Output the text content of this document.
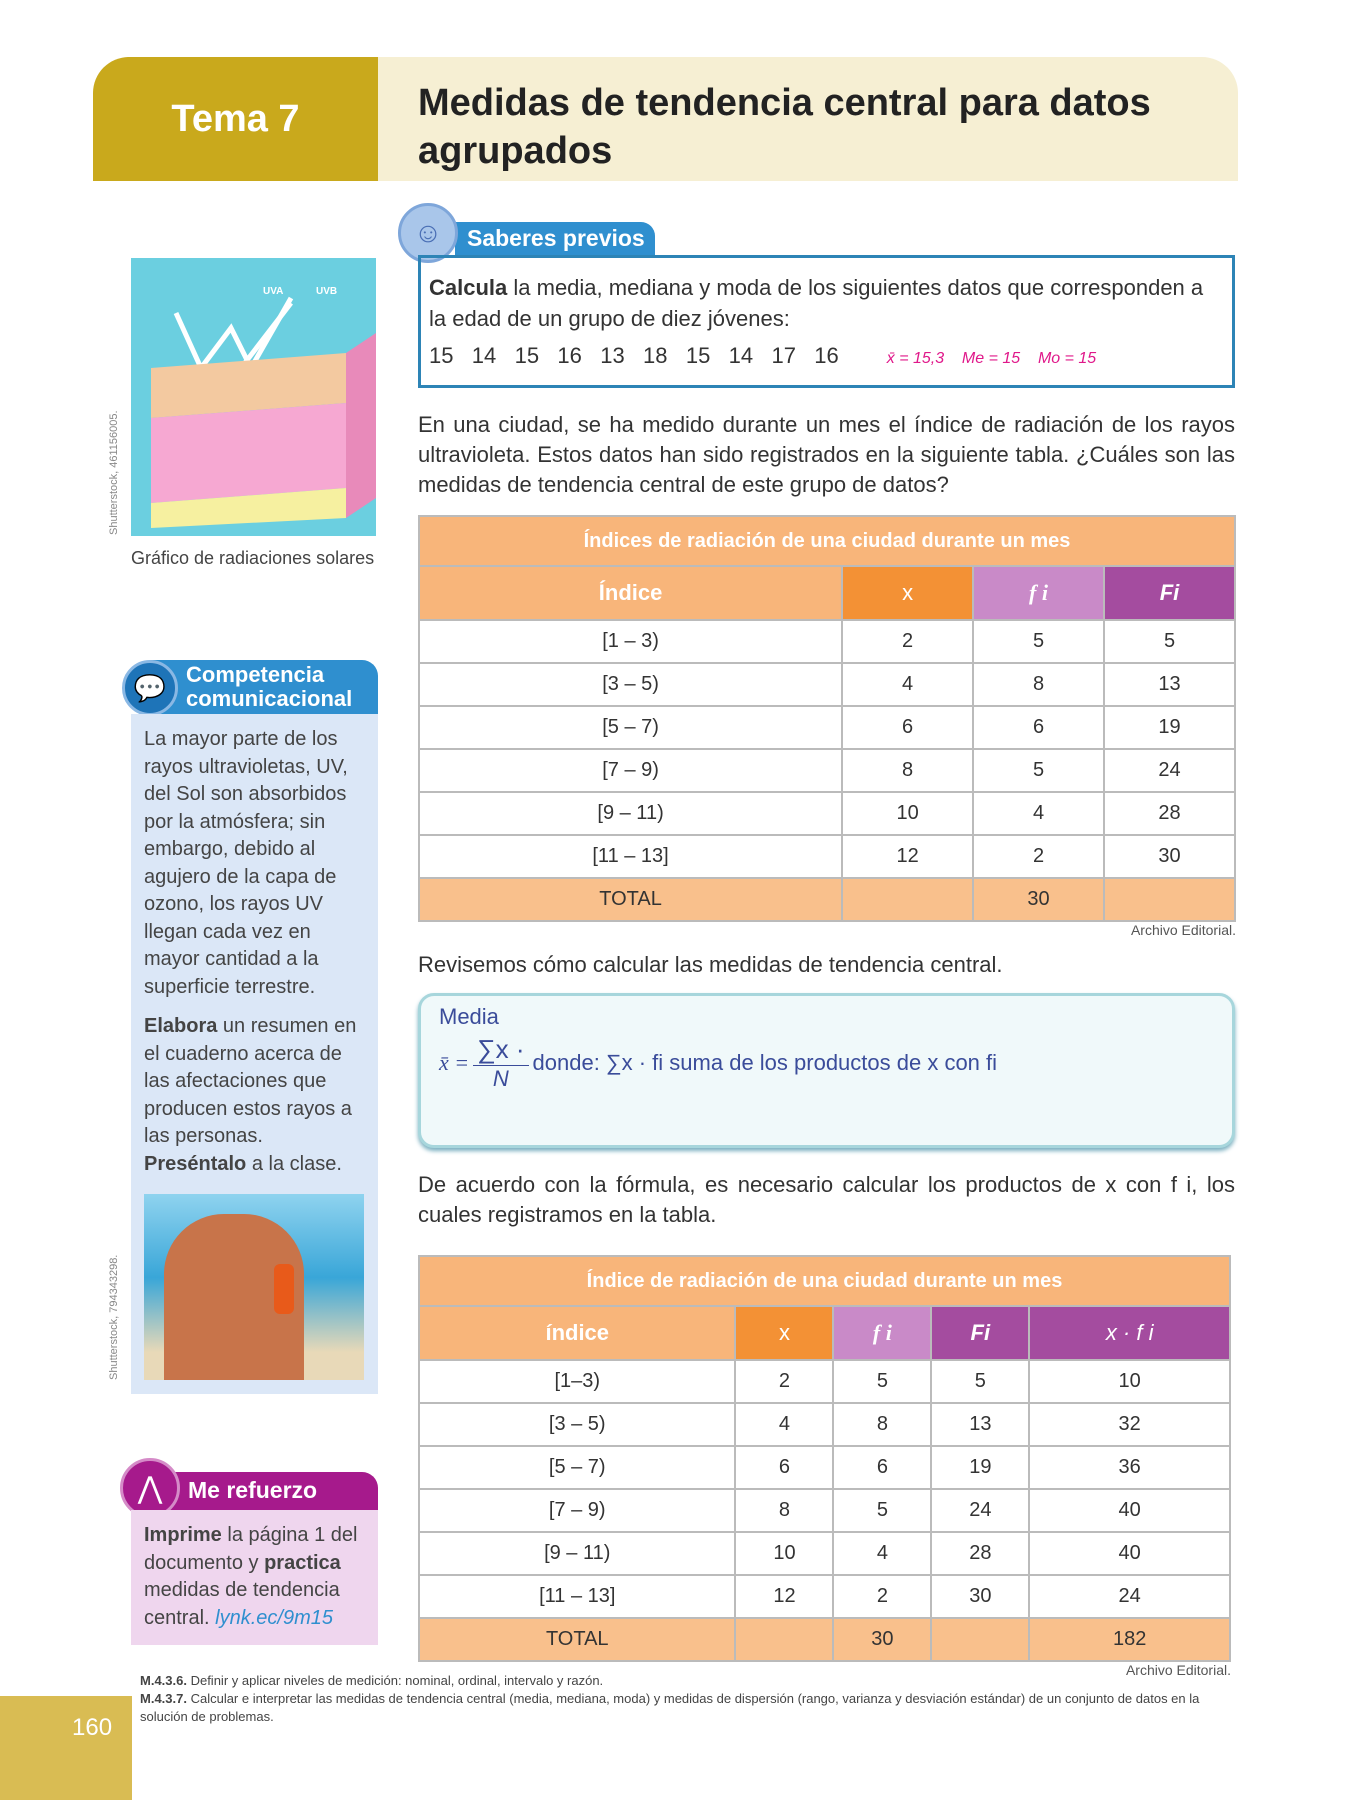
Tema 7	Medidas de tendencia central para datos agrupados
Saberes previos
☺
Calcula la media, mediana y moda de los siguientes datos que corresponden a la edad de un grupo de diez jóvenes:
15   14   15   16   13   18   15   14   17   16	x̄ = 15,3    Me = 15    Mo = 15
En una ciudad, se ha medido durante un mes el índice de radiación de los rayos ultravioleta. Estos datos han sido registrados en la siguiente tabla. ¿Cuáles son las medidas de tendencia central de este grupo de datos?
Índices de radiación de una ciudad durante un mes			
Índice	x	f i	Fi
[1 – 3)	2	5	5
[3 – 5)	4	8	13
[5 – 7)	6	6	19
[7 – 9)	8	5	24
[9 – 11)	10	4	28
[11 – 13]	12	2	30
TOTAL		30	
Archivo Editorial.
Revisemos cómo calcular las medidas de tendencia central.
Media
x̄ = ∑x ·
N
donde: ∑x · fi suma de los productos de x con fi
De acuerdo con la fórmula, es necesario calcular los productos de x con f i, los cuales registramos en la tabla.
Índice de radiación de una ciudad durante un mes				
índice	x	f i	Fi	x · f i
[1–3)	2	5	5	10
[3 – 5)	4	8	13	32
[5 – 7)	6	6	19	36
[7 – 9)	8	5	24	40
[9 – 11)	10	4	28	40
[11 – 13]	12	2	30	24
TOTAL		30		182
Archivo Editorial.
Shutterstock, 461156005.
UVA	UVB
Gráfico de radiaciones solares
Competencia comunicacional
💬

La mayor parte de los rayos ultravioletas, UV, del Sol son absorbidos por la atmósfera; sin embargo, debido al agujero de la capa de ozono, los rayos UV llegan cada vez en mayor cantidad a la superficie terrestre.

Elabora un resumen en el cuaderno acerca de las afectaciones que producen estos rayos a las personas. Preséntalo a la clase.

Shutterstock, 794343298.
Me refuerzo
⋀
Imprime la página 1 del documento y practica medidas de tendencia central. lynk.ec/9m15
M.4.3.6. Definir y aplicar niveles de medición: nominal, ordinal, intervalo y razón.
M.4.3.7. Calcular e interpretar las medidas de tendencia central (media, mediana, moda) y medidas de dispersión (rango, varianza y desviación estándar) de un conjunto de datos en la solución de problemas.
160
